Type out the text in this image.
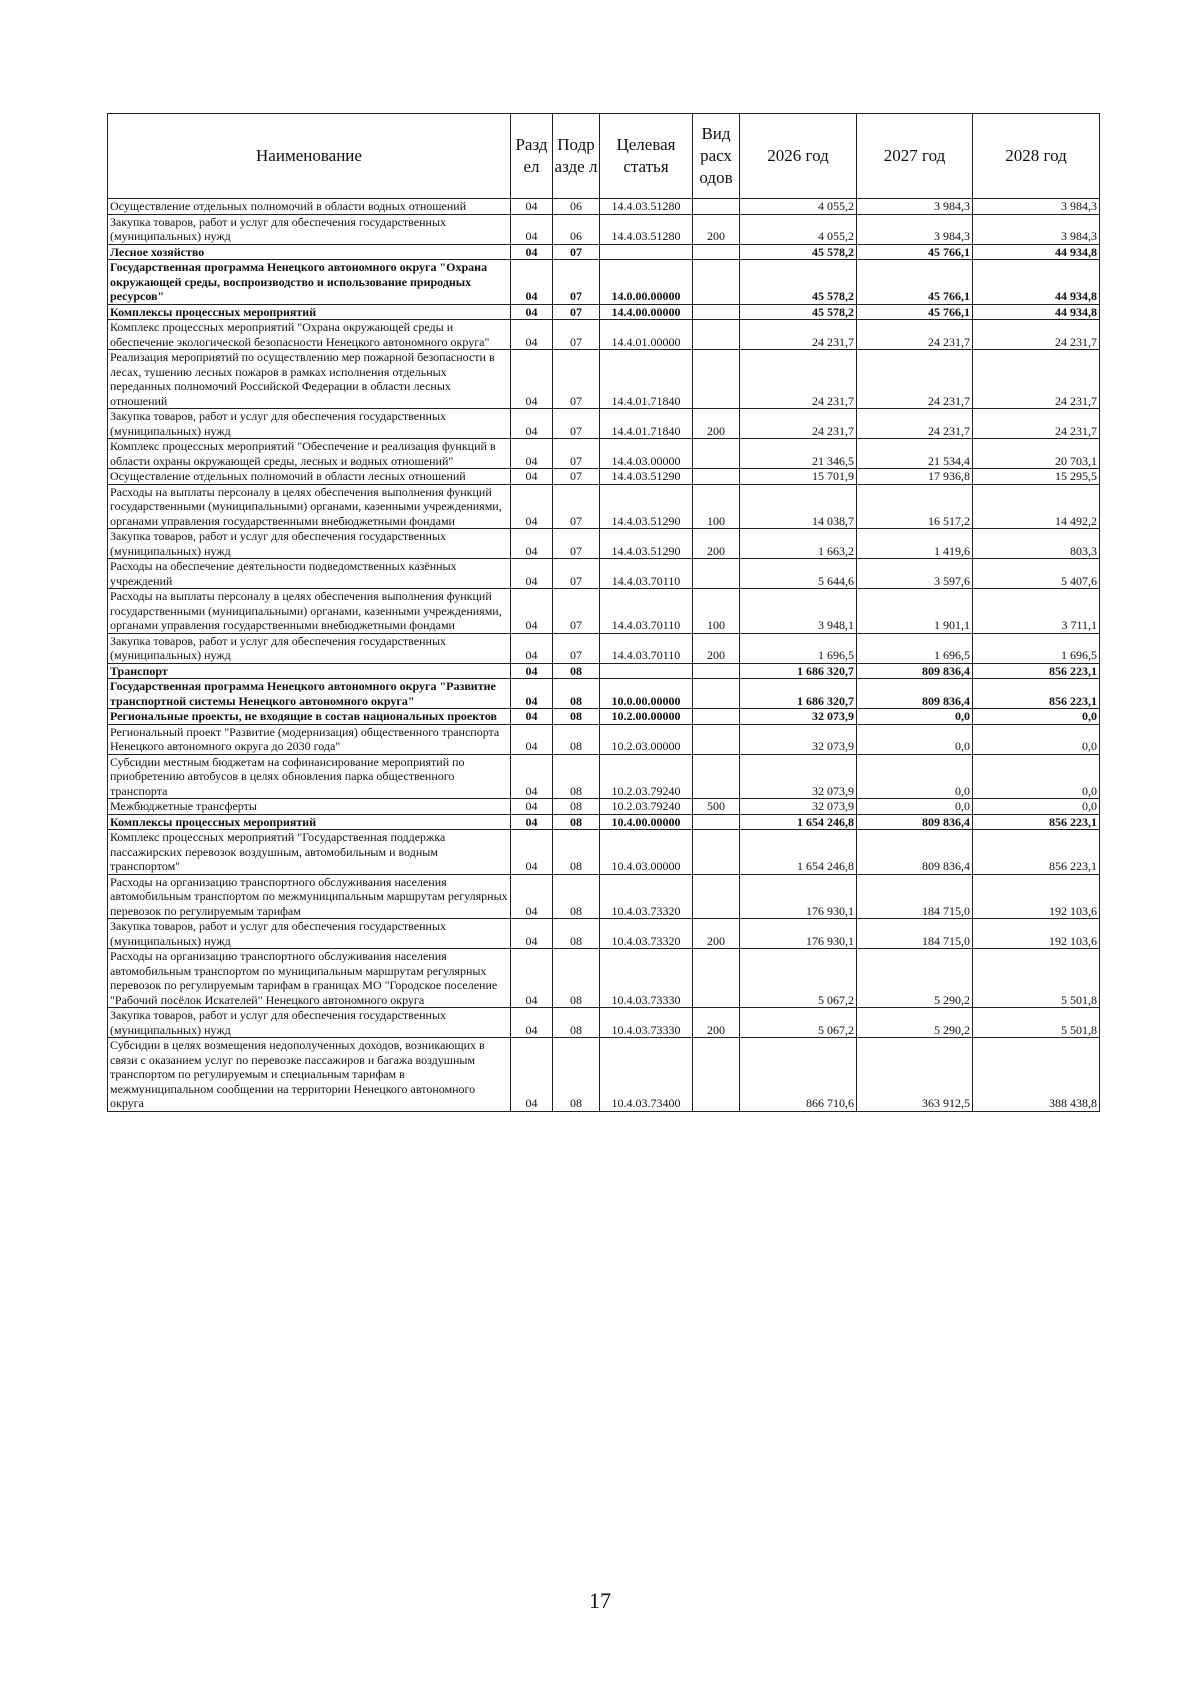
Наименование	Разд ел	Подр азде л	Целевая статья	Вид расх одов	2026 год	2027 год	2028 год
Осуществление отдельных полномочий в области водных отношений	04	06	14.4.03.51280		4 055,2	3 984,3	3 984,3
Закупка товаров, работ и услуг для обеспечения государственных (муниципальных) нужд	04	06	14.4.03.51280	200	4 055,2	3 984,3	3 984,3
Лесное хозяйство	04	07			45 578,2	45 766,1	44 934,8
Государственная программа Ненецкого автономного округа "Охрана окружающей среды, воспроизводство и использование природных ресурсов"	04	07	14.0.00.00000		45 578,2	45 766,1	44 934,8
Комплексы процессных мероприятий	04	07	14.4.00.00000		45 578,2	45 766,1	44 934,8
Комплекс процессных мероприятий "Охрана окружающей среды и обеспечение экологической безопасности Ненецкого автономного округа"	04	07	14.4.01.00000		24 231,7	24 231,7	24 231,7
Реализация мероприятий по осуществлению мер пожарной безопасности в лесах, тушению лесных пожаров в рамках исполнения отдельных переданных полномочий Российской Федерации в области лесных отношений	04	07	14.4.01.71840		24 231,7	24 231,7	24 231,7
Закупка товаров, работ и услуг для обеспечения государственных (муниципальных) нужд	04	07	14.4.01.71840	200	24 231,7	24 231,7	24 231,7
Комплекс процессных мероприятий "Обеспечение и реализация функций в области охраны окружающей среды, лесных и водных отношений"	04	07	14.4.03.00000		21 346,5	21 534,4	20 703,1
Осуществление отдельных полномочий в области лесных отношений	04	07	14.4.03.51290		15 701,9	17 936,8	15 295,5
Расходы на выплаты персоналу в целях обеспечения выполнения функций государственными (муниципальными) органами, казенными учреждениями, органами управления государственными внебюджетными фондами	04	07	14.4.03.51290	100	14 038,7	16 517,2	14 492,2
Закупка товаров, работ и услуг для обеспечения государственных (муниципальных) нужд	04	07	14.4.03.51290	200	1 663,2	1 419,6	803,3
Расходы на обеспечение деятельности подведомственных казённых учреждений	04	07	14.4.03.70110		5 644,6	3 597,6	5 407,6
Расходы на выплаты персоналу в целях обеспечения выполнения функций государственными (муниципальными) органами, казенными учреждениями, органами управления государственными внебюджетными фондами	04	07	14.4.03.70110	100	3 948,1	1 901,1	3 711,1
Закупка товаров, работ и услуг для обеспечения государственных (муниципальных) нужд	04	07	14.4.03.70110	200	1 696,5	1 696,5	1 696,5
Транспорт	04	08			1 686 320,7	809 836,4	856 223,1
Государственная программа Ненецкого автономного округа "Развитие транспортной системы Ненецкого автономного округа"	04	08	10.0.00.00000		1 686 320,7	809 836,4	856 223,1
Региональные проекты, не входящие в состав национальных проектов	04	08	10.2.00.00000		32 073,9	0,0	0,0
Региональный проект "Развитие (модернизация) общественного транспорта Ненецкого автономного округа до 2030 года"	04	08	10.2.03.00000		32 073,9	0,0	0,0
Субсидии местным бюджетам на софинансирование мероприятий по приобретению автобусов в целях обновления парка общественного транспорта	04	08	10.2.03.79240		32 073,9	0,0	0,0
Межбюджетные трансферты	04	08	10.2.03.79240	500	32 073,9	0,0	0,0
Комплексы процессных мероприятий	04	08	10.4.00.00000		1 654 246,8	809 836,4	856 223,1
Комплекс процессных мероприятий "Государственная поддержка пассажирских перевозок воздушным, автомобильным и водным транспортом"	04	08	10.4.03.00000		1 654 246,8	809 836,4	856 223,1
Расходы на организацию транспортного обслуживания населения автомобильным транспортом по межмуниципальным маршрутам регулярных перевозок по регулируемым тарифам	04	08	10.4.03.73320		176 930,1	184 715,0	192 103,6
Закупка товаров, работ и услуг для обеспечения государственных (муниципальных) нужд	04	08	10.4.03.73320	200	176 930,1	184 715,0	192 103,6
Расходы на организацию транспортного обслуживания населения автомобильным транспортом по муниципальным маршрутам регулярных перевозок по регулируемым тарифам в границах МО "Городское поселение "Рабочий посёлок Искателей" Ненецкого автономного округа	04	08	10.4.03.73330		5 067,2	5 290,2	5 501,8
Закупка товаров, работ и услуг для обеспечения государственных (муниципальных) нужд	04	08	10.4.03.73330	200	5 067,2	5 290,2	5 501,8
Субсидии в целях возмещения недополученных доходов, возникающих в связи с оказанием услуг по перевозке пассажиров и багажа воздушным транспортом по регулируемым и специальным тарифам в межмуниципальном сообщении на территории Ненецкого автономного округа	04	08	10.4.03.73400		866 710,6	363 912,5	388 438,8
17
